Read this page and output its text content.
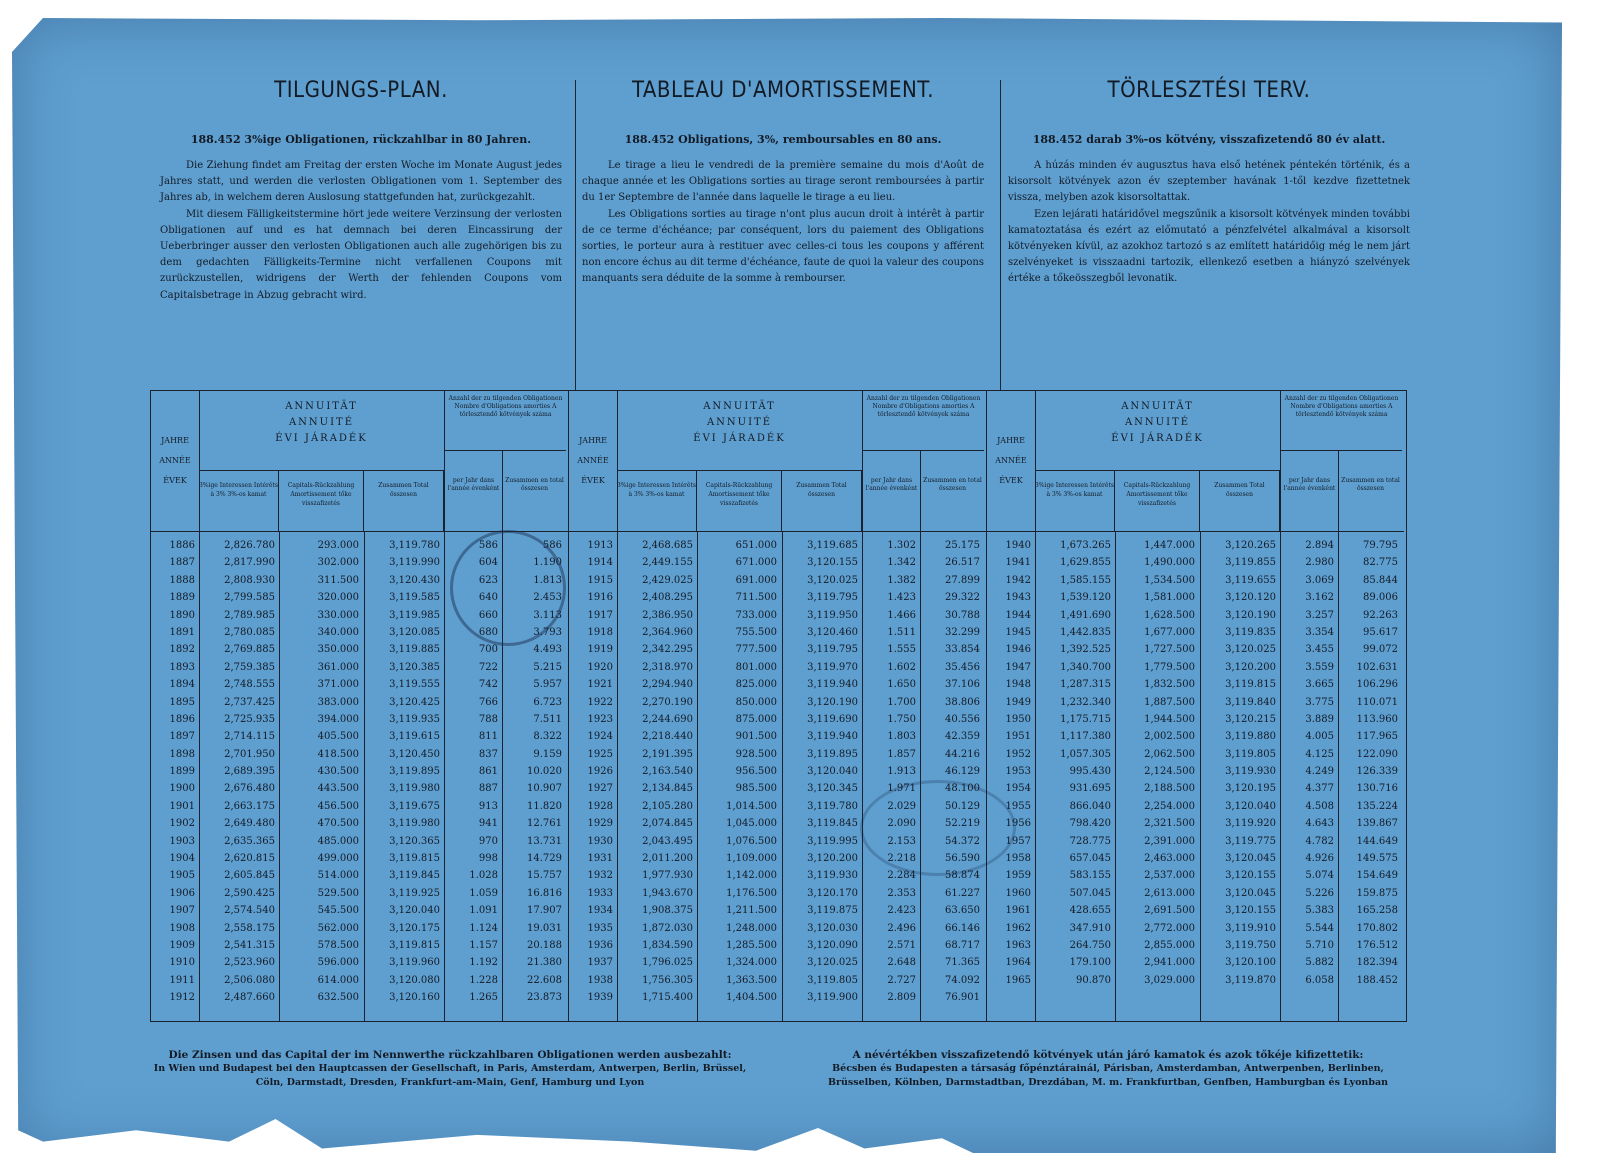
TILGUNGS-PLAN.
188.452 3%ige Obligationen, rückzahlbar in 80 Jahren.

Die Ziehung findet am Freitag der ersten Woche im Monate August jedes Jahres statt, und werden die verlosten Obligationen vom 1. September des Jahres ab, in welchem deren Auslosung stattgefunden hat, zurückgezahlt.

Mit diesem Fälligkeitstermine hört jede weitere Verzinsung der verlosten Obligationen auf und es hat demnach bei deren Eincassirung der Ueberbringer ausser den verlosten Obligationen auch alle zugehörigen bis zu dem gedachten Fälligkeits-Termine nicht verfallenen Coupons mit zurückzustellen, widrigens der Werth der fehlenden Coupons vom Capitalsbetrage in Abzug gebracht wird.

TABLEAU D'AMORTISSEMENT.
188.452 Obligations, 3%, remboursables en 80 ans.

Le tirage a lieu le vendredi de la première semaine du mois d'Août de chaque année et les Obligations sorties au tirage seront remboursées à partir du 1er Septembre de l'année dans laquelle le tirage a eu lieu.

Les Obligations sorties au tirage n'ont plus aucun droit à intérêt à partir de ce terme d'échéance; par conséquent, lors du paiement des Obligations sorties, le porteur aura à restituer avec celles-ci tous les coupons y afférent non encore échus au dit terme d'échéance, faute de quoi la valeur des coupons manquants sera déduite de la somme à rembourser.

TÖRLESZTÉSI TERV.
188.452 darab 3%-os kötvény, visszafizetendő 80 év alatt.

A húzás minden év augusztus hava első hetének péntekén történik, és a kisorsolt kötvények azon év szeptember havának 1-től kezdve fizettetnek vissza, melyben azok kisorsoltattak.

Ezen lejárati határidővel megszűnik a kisorsolt kötvények minden további kamatoztatása és ezért az előmutató a pénzfelvétel alkalmával a kisorsolt kötvényeken kívül, az azokhoz tartozó s az említett határidőig még le nem járt szelvényeket is visszaadni tartozik, ellenkező esetben a hiányzó szelvények értéke a tőkeösszegből levonatik.

JAHRE
ANNÉE
ÉVEK
ANNUITÄT
ANNUITÉ
ÉVI JÁRADÉK
3%ige Interessen Intérêts à 3% 3%-os kamat
Capitals-Rückzahlung Amortissement tőke visszafizetés
Zusammen Total összesen
Anzahl der zu tilgenden Obligationen Nombre d'Obligations amorties A törlesztendő kötvények száma
per Jahr dans l'année évenként
Zusammen en total összesen
1886	2,826.780	293.000	3,119.780	586	586
1887	2,817.990	302.000	3,119.990	604	1.190
1888	2,808.930	311.500	3,120.430	623	1.813
1889	2,799.585	320.000	3,119.585	640	2.453
1890	2,789.985	330.000	3,119.985	660	3.113
1891	2,780.085	340.000	3,120.085	680	3.793
1892	2,769.885	350.000	3,119.885	700	4.493
1893	2,759.385	361.000	3,120.385	722	5.215
1894	2,748.555	371.000	3,119.555	742	5.957
1895	2,737.425	383.000	3,120.425	766	6.723
1896	2,725.935	394.000	3,119.935	788	7.511
1897	2,714.115	405.500	3,119.615	811	8.322
1898	2,701.950	418.500	3,120.450	837	9.159
1899	2,689.395	430.500	3,119.895	861	10.020
1900	2,676.480	443.500	3,119.980	887	10.907
1901	2,663.175	456.500	3,119.675	913	11.820
1902	2,649.480	470.500	3,119.980	941	12.761
1903	2,635.365	485.000	3,120.365	970	13.731
1904	2,620.815	499.000	3,119.815	998	14.729
1905	2,605.845	514.000	3,119.845	1.028	15.757
1906	2,590.425	529.500	3,119.925	1.059	16.816
1907	2,574.540	545.500	3,120.040	1.091	17.907
1908	2,558.175	562.000	3,120.175	1.124	19.031
1909	2,541.315	578.500	3,119.815	1.157	20.188
1910	2,523.960	596.000	3,119.960	1.192	21.380
1911	2,506.080	614.000	3,120.080	1.228	22.608
1912	2,487.660	632.500	3,120.160	1.265	23.873
JAHRE
ANNÉE
ÉVEK
ANNUITÄT
ANNUITÉ
ÉVI JÁRADÉK
3%ige Interessen Intérêts à 3% 3%-os kamat
Capitals-Rückzahlung Amortissement tőke visszafizetés
Zusammen Total összesen
Anzahl der zu tilgenden Obligationen Nombre d'Obligations amorties A törlesztendő kötvények száma
per Jahr dans l'année évenként
Zusammen en total összesen
1913	2,468.685	651.000	3,119.685	1.302	25.175
1914	2,449.155	671.000	3,120.155	1.342	26.517
1915	2,429.025	691.000	3,120.025	1.382	27.899
1916	2,408.295	711.500	3,119.795	1.423	29.322
1917	2,386.950	733.000	3,119.950	1.466	30.788
1918	2,364.960	755.500	3,120.460	1.511	32.299
1919	2,342.295	777.500	3,119.795	1.555	33.854
1920	2,318.970	801.000	3,119.970	1.602	35.456
1921	2,294.940	825.000	3,119.940	1.650	37.106
1922	2,270.190	850.000	3,120.190	1.700	38.806
1923	2,244.690	875.000	3,119.690	1.750	40.556
1924	2,218.440	901.500	3,119.940	1.803	42.359
1925	2,191.395	928.500	3,119.895	1.857	44.216
1926	2,163.540	956.500	3,120.040	1.913	46.129
1927	2,134.845	985.500	3,120.345	1.971	48.100
1928	2,105.280	1,014.500	3,119.780	2.029	50.129
1929	2,074.845	1,045.000	3,119.845	2.090	52.219
1930	2,043.495	1,076.500	3,119.995	2.153	54.372
1931	2,011.200	1,109.000	3,120.200	2.218	56.590
1932	1,977.930	1,142.000	3,119.930	2.284	58.874
1933	1,943.670	1,176.500	3,120.170	2.353	61.227
1934	1,908.375	1,211.500	3,119.875	2.423	63.650
1935	1,872.030	1,248.000	3,120.030	2.496	66.146
1936	1,834.590	1,285.500	3,120.090	2.571	68.717
1937	1,796.025	1,324.000	3,120.025	2.648	71.365
1938	1,756.305	1,363.500	3,119.805	2.727	74.092
1939	1,715.400	1,404.500	3,119.900	2.809	76.901
JAHRE
ANNÉE
ÉVEK
ANNUITÄT
ANNUITÉ
ÉVI JÁRADÉK
3%ige Interessen Intérêts à 3% 3%-os kamat
Capitals-Rückzahlung Amortissement tőke visszafizetés
Zusammen Total összesen
Anzahl der zu tilgenden Obligationen Nombre d'Obligations amorties A törlesztendő kötvények száma
per Jahr dans l'année évenként
Zusammen en total összesen
1940	1,673.265	1,447.000	3,120.265	2.894	79.795
1941	1,629.855	1,490.000	3,119.855	2.980	82.775
1942	1,585.155	1,534.500	3,119.655	3.069	85.844
1943	1,539.120	1,581.000	3,120.120	3.162	89.006
1944	1,491.690	1,628.500	3,120.190	3.257	92.263
1945	1,442.835	1,677.000	3,119.835	3.354	95.617
1946	1,392.525	1,727.500	3,120.025	3.455	99.072
1947	1,340.700	1,779.500	3,120.200	3.559	102.631
1948	1,287.315	1,832.500	3,119.815	3.665	106.296
1949	1,232.340	1,887.500	3,119.840	3.775	110.071
1950	1,175.715	1,944.500	3,120.215	3.889	113.960
1951	1,117.380	2,002.500	3,119.880	4.005	117.965
1952	1,057.305	2,062.500	3,119.805	4.125	122.090
1953	995.430	2,124.500	3,119.930	4.249	126.339
1954	931.695	2,188.500	3,120.195	4.377	130.716
1955	866.040	2,254.000	3,120.040	4.508	135.224
1956	798.420	2,321.500	3,119.920	4.643	139.867
1957	728.775	2,391.000	3,119.775	4.782	144.649
1958	657.045	2,463.000	3,120.045	4.926	149.575
1959	583.155	2,537.000	3,120.155	5.074	154.649
1960	507.045	2,613.000	3,120.045	5.226	159.875
1961	428.655	2,691.500	3,120.155	5.383	165.258
1962	347.910	2,772.000	3,119.910	5.544	170.802
1963	264.750	2,855.000	3,119.750	5.710	176.512
1964	179.100	2,941.000	3,120.100	5.882	182.394
1965	90.870	3,029.000	3,119.870	6.058	188.452
Die Zinsen und das Capital der im Nennwerthe rückzahlbaren Obligationen werden ausbezahlt:
In Wien und Budapest bei den Hauptcassen der Gesellschaft, in Paris, Amsterdam, Antwerpen, Berlin, Brüssel, Cöln, Darmstadt, Dresden, Frankfurt-am-Main, Genf, Hamburg und Lyon
A névértékben visszafizetendő kötvények után járó kamatok és azok tőkéje kifizettetik:
Bécsben és Budapesten a társaság főpénztárainál, Párisban, Amsterdamban, Antwerpenben, Berlinben, Brüsselben, Kölnben, Darmstadtban, Drezdában, M. m. Frankfurtban, Genfben, Hamburgban és Lyonban
